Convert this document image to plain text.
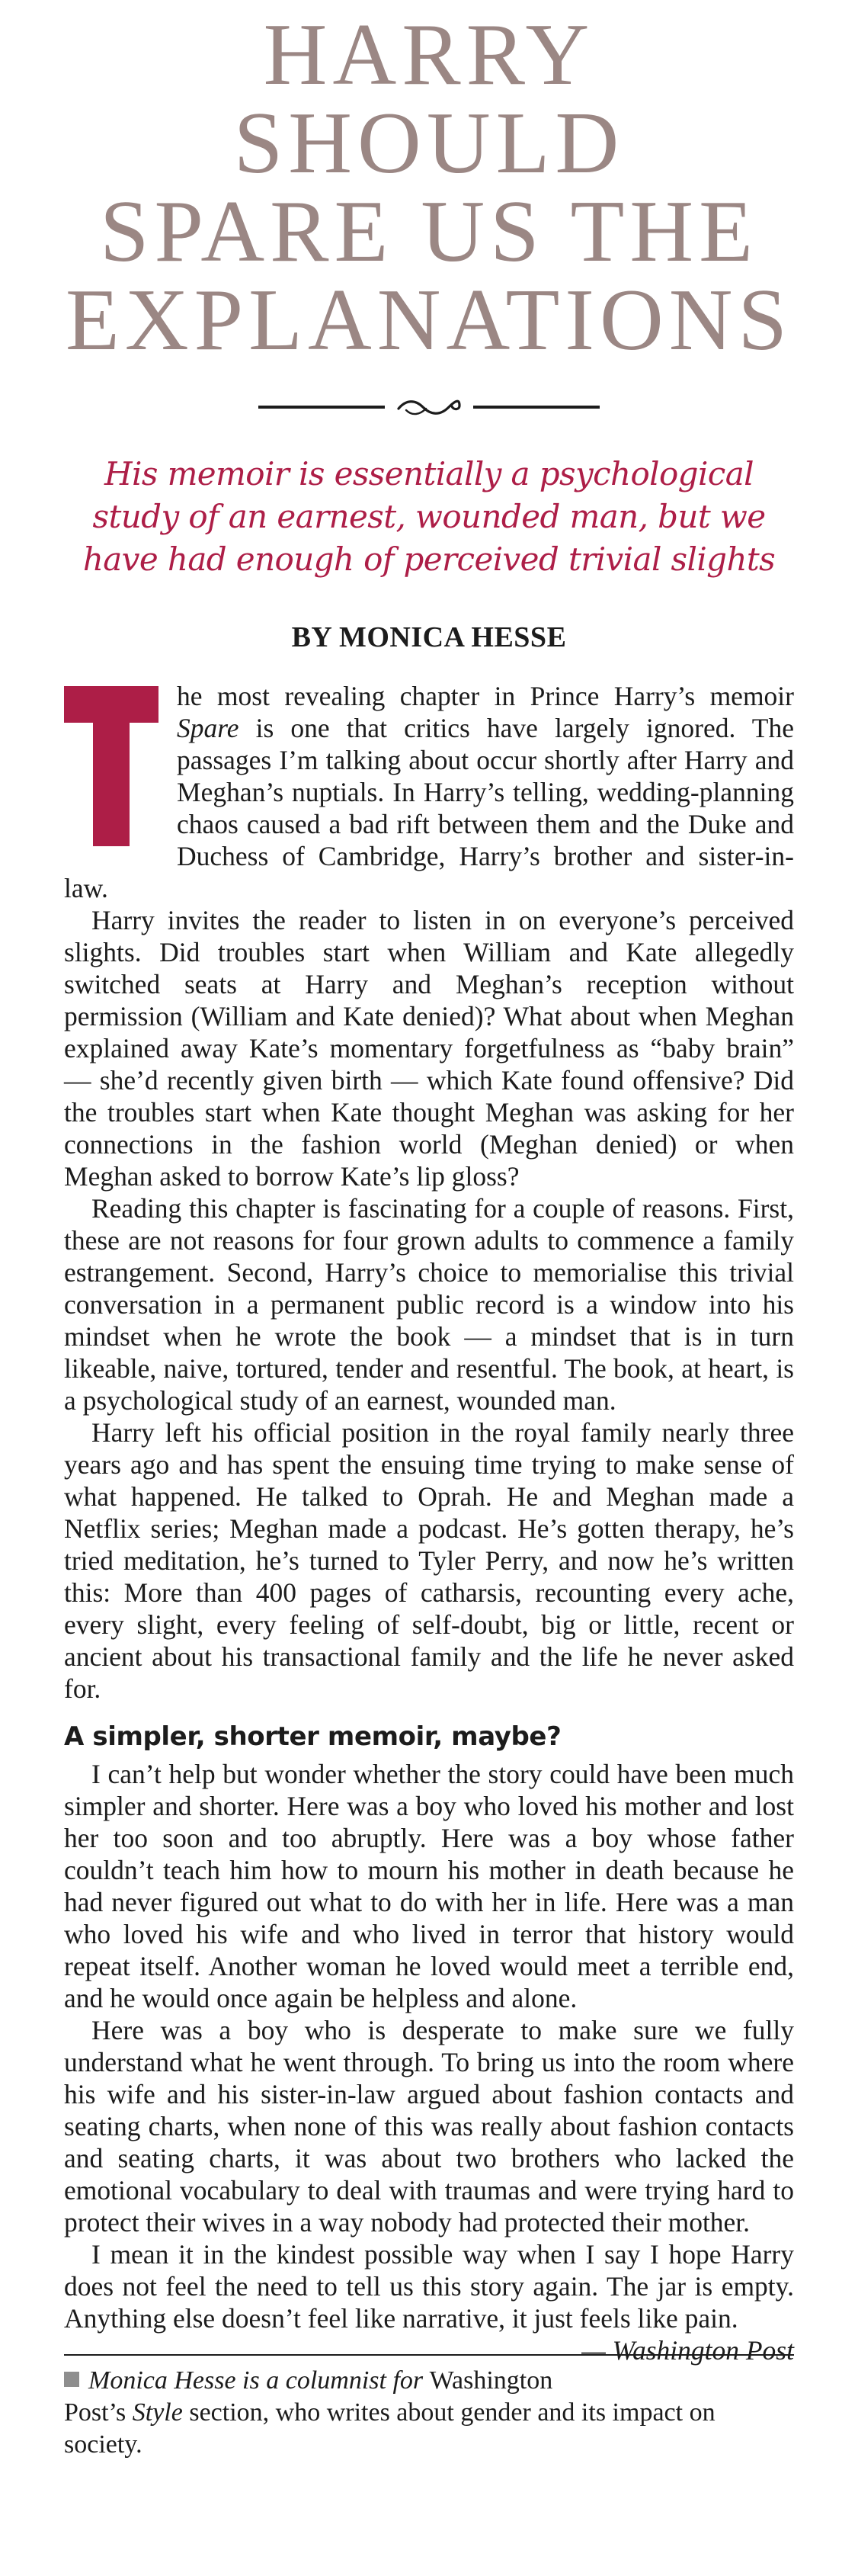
HARRY SHOULD
SPARE US THE
EXPLANATIONS

His memoir is essentially a psychological
study of an earnest, wounded man, but we
have had enough of perceived trivial slights

BY MONICA HESSE

he most revealing chapter in Prince Harry’s memoir Spare is one that critics have largely ignored. The passages I’m talking about occur shortly after Harry and Meghan’s nuptials. In Harry’s telling, wedding-planning chaos caused a bad rift between them and the Duke and Duchess of Cambridge, Harry’s brother and sister-in-law.

Harry invites the reader to listen in on everyone’s perceived slights. Did troubles start when William and Kate allegedly switched seats at Harry and Meghan’s reception without permission (William and Kate denied)? What about when Meghan explained away Kate’s momentary forgetfulness as “baby brain” — she’d recently given birth — which Kate found offensive? Did the troubles start when Kate thought Meghan was asking for her connections in the fashion world (Meghan denied) or when Meghan asked to borrow Kate’s lip gloss?

Reading this chapter is fascinating for a couple of reasons. First, these are not reasons for four grown adults to commence a family estrangement. Second, Harry’s choice to memorialise this trivial conversation in a permanent public record is a window into his mindset when he wrote the book — a mindset that is in turn likeable, naive, tortured, tender and resentful. The book, at heart, is a psychological study of an earnest, wounded man.

Harry left his official position in the royal family nearly three years ago and has spent the ensuing time trying to make sense of what happened. He talked to Oprah. He and Meghan made a Netflix series; Meghan made a podcast. He’s gotten therapy, he’s tried meditation, he’s turned to Tyler Perry, and now he’s written this: More than 400 pages of catharsis, recounting every ache, every slight, every feeling of self-doubt, big or little, recent or ancient about his transactional family and the life he never asked for.

A simpler, shorter memoir, maybe?

I can’t help but wonder whether the story could have been much simpler and shorter. Here was a boy who loved his mother and lost her too soon and too abruptly. Here was a boy whose father couldn’t teach him how to mourn his mother in death because he had never figured out what to do with her in life. Here was a man who loved his wife and who lived in terror that history would repeat itself. Another woman he loved would meet a terrible end, and he would once again be helpless and alone.

Here was a boy who is desperate to make sure we fully understand what he went through. To bring us into the room where his wife and his sister-in-law argued about fashion contacts and seating charts, when none of this was really about fashion contacts and seating charts, it was about two brothers who lacked the emotional vocabulary to deal with traumas and were trying hard to protect their wives in a way nobody had protected their mother.

I mean it in the kindest possible way when I say I hope Harry does not feel the need to tell us this story again. The jar is empty. Anything else doesn’t feel like narrative, it just feels like pain.
— Washington Post

Monica Hesse is a columnist for Washington Post’s Style section, who writes about gender and its impact on society.
